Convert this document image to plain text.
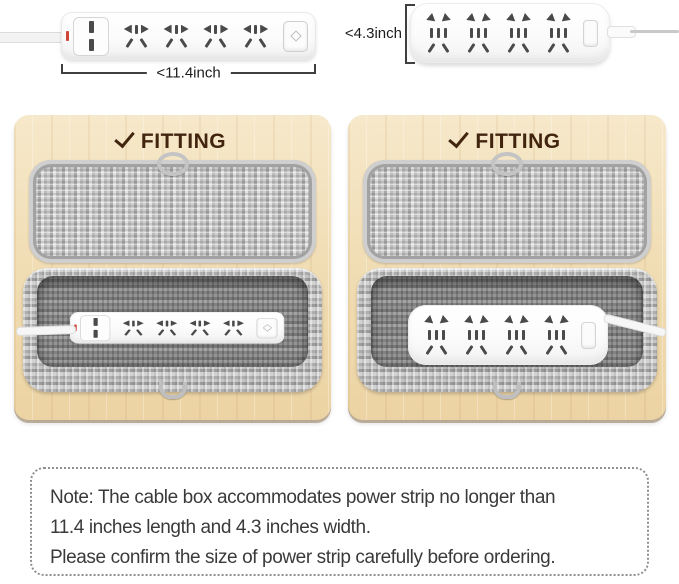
<11.4inch
<4.3inch
FITTING	FITTING
Note: The cable box accommodates power strip no longer than
11.4 inches length and 4.3 inches width.
Please confirm the size of power strip carefully before ordering.
